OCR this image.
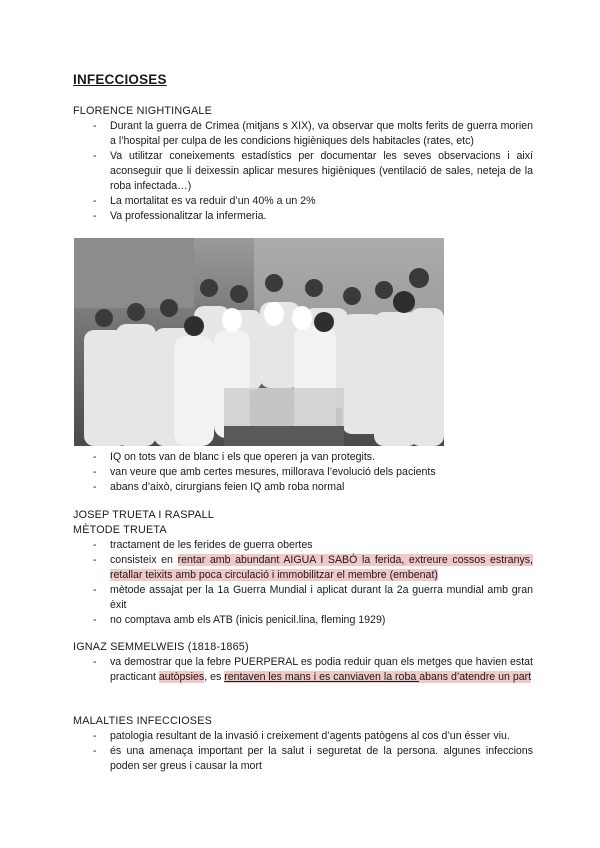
INFECCIOSES
FLORENCE NIGHTINGALE
- Durant la guerra de Crimea (mitjans s XIX), va observar que molts ferits de guerra morien a l’hospital per culpa de les condicions higièniques dels habitacles (rates, etc)
- Va utilitzar coneixements estadístics per documentar les seves observacions i així aconseguir que li deixessin aplicar mesures higièniques (ventilació de sales, neteja de la roba infectada…)
- La mortalitat es va reduir d’un 40% a un 2%
- Va professionalitzar la infermeria.
- IQ on tots van de blanc i els que operen ja van protegits.
- van veure que amb certes mesures, millorava l’evolució dels pacients
- abans d’això, cirurgians feien IQ amb roba normal
JOSEP TRUETA I RASPALL
MÈTODE TRUETA
- tractament de les ferides de guerra obertes
- consisteix en rentar amb abundant AIGUA I SABÓ la ferida, extreure cossos estranys, retallar teixits amb poca circulació i immobilitzar el membre (embenat)
- mètode assajat per la 1a Guerra Mundial i aplicat durant la 2a guerra mundial amb gran èxit
- no comptava amb els ATB (inicis penicil.lina, fleming 1929)
IGNAZ SEMMELWEIS (1818-1865)
- va demostrar que la febre PUERPERAL es podia reduir quan els metges que havien estat practicant autòpsies, es rentaven les mans i es canviaven la roba abans d’atendre un part
MALALTIES INFECCIOSES
- patologia resultant de la invasió i creixement d’agents patògens al cos d’un ésser viu.
- és una amenaça important per la salut i seguretat de la persona. algunes infeccions poden ser greus i causar la mort
